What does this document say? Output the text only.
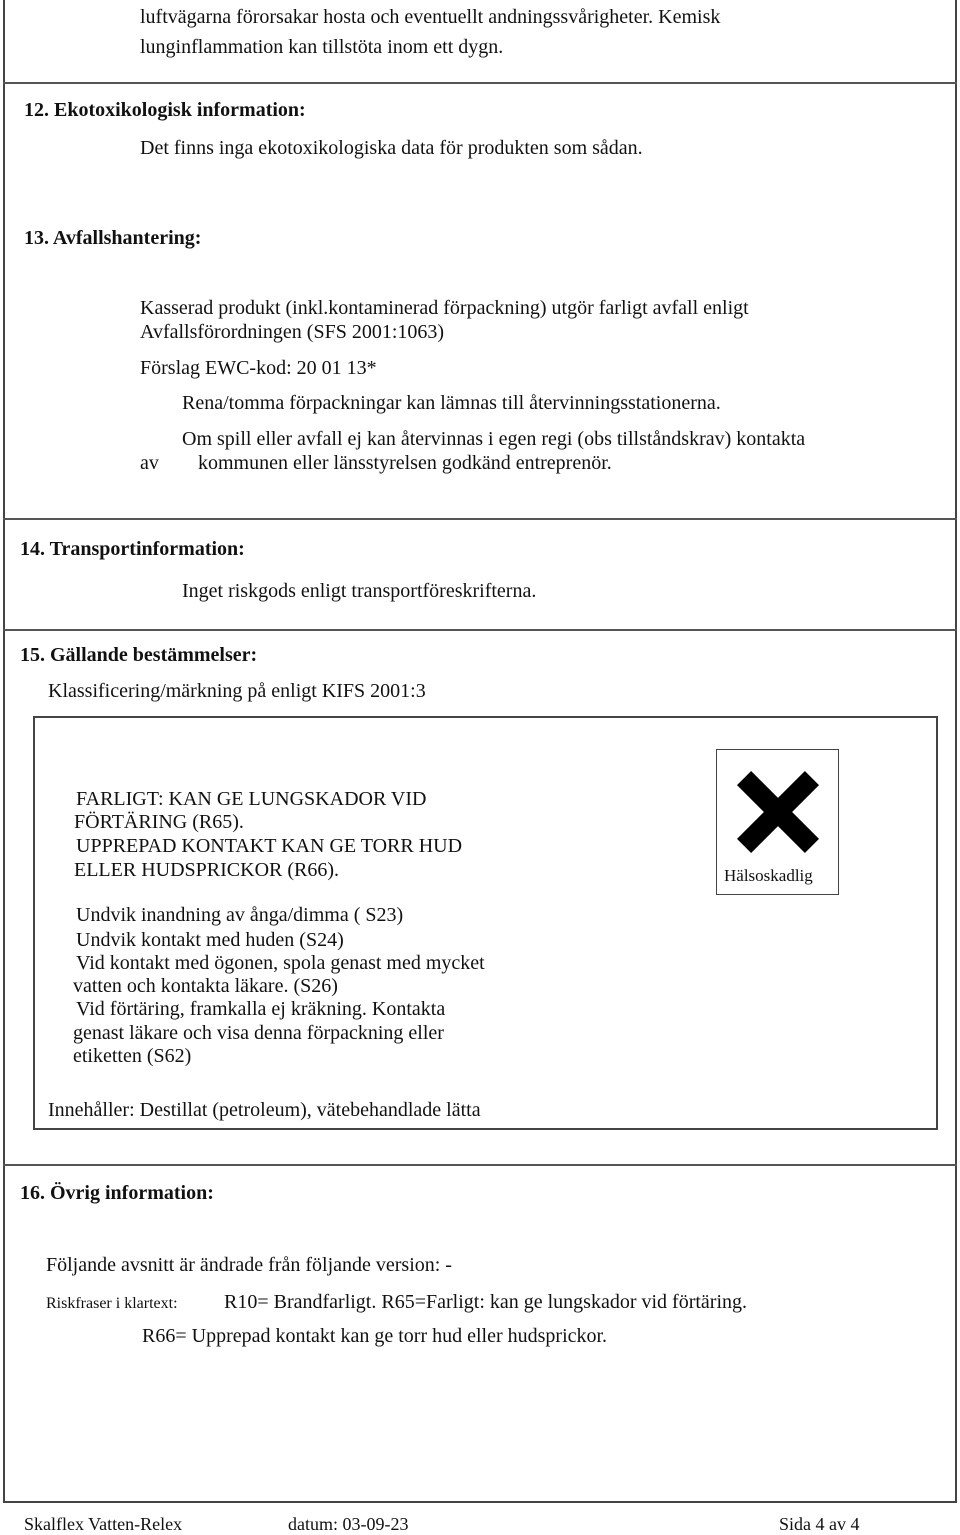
luftvägarna förorsakar hosta och eventuellt andningssvårigheter. Kemisk
lunginflammation kan tillstöta inom ett dygn.
12. Ekotoxikologisk information:
Det finns inga ekotoxikologiska data för produkten som sådan.
13. Avfallshantering:
Kasserad produkt (inkl.kontaminerad förpackning) utgör farligt avfall enligt
Avfallsförordningen (SFS 2001:1063)
Förslag EWC-kod: 20 01 13*
Rena/tomma förpackningar kan lämnas till återvinningsstationerna.
Om spill eller avfall ej kan återvinnas i egen regi (obs tillståndskrav) kontakta
av kommunen eller länsstyrelsen godkänd entreprenör.
14. Transportinformation:
Inget riskgods enligt transportföreskrifterna.
15. Gällande bestämmelser:
Klassificering/märkning på enligt KIFS 2001:3
FARLIGT: KAN GE LUNGSKADOR VID
FÖRTÄRING (R65).
UPPREPAD KONTAKT KAN GE TORR HUD
ELLER HUDSPRICKOR (R66).
Undvik inandning av ånga/dimma ( S23)
Undvik kontakt med huden (S24)
Vid kontakt med ögonen, spola genast med mycket
vatten och kontakta läkare. (S26)
Vid förtäring, framkalla ej kräkning. Kontakta
genast läkare och visa denna förpackning eller
etiketten (S62)
Innehåller: Destillat (petroleum), vätebehandlade lätta
Hälsoskadlig
16. Övrig information:
Följande avsnitt är ändrade från följande version: -
Riskfraser i klartext: R10= Brandfarligt. R65=Farligt: kan ge lungskador vid förtäring.
R66= Upprepad kontakt kan ge torr hud eller hudsprickor.
Skalflex Vatten-Relex	datum: 03-09-23	Sida 4 av 4
